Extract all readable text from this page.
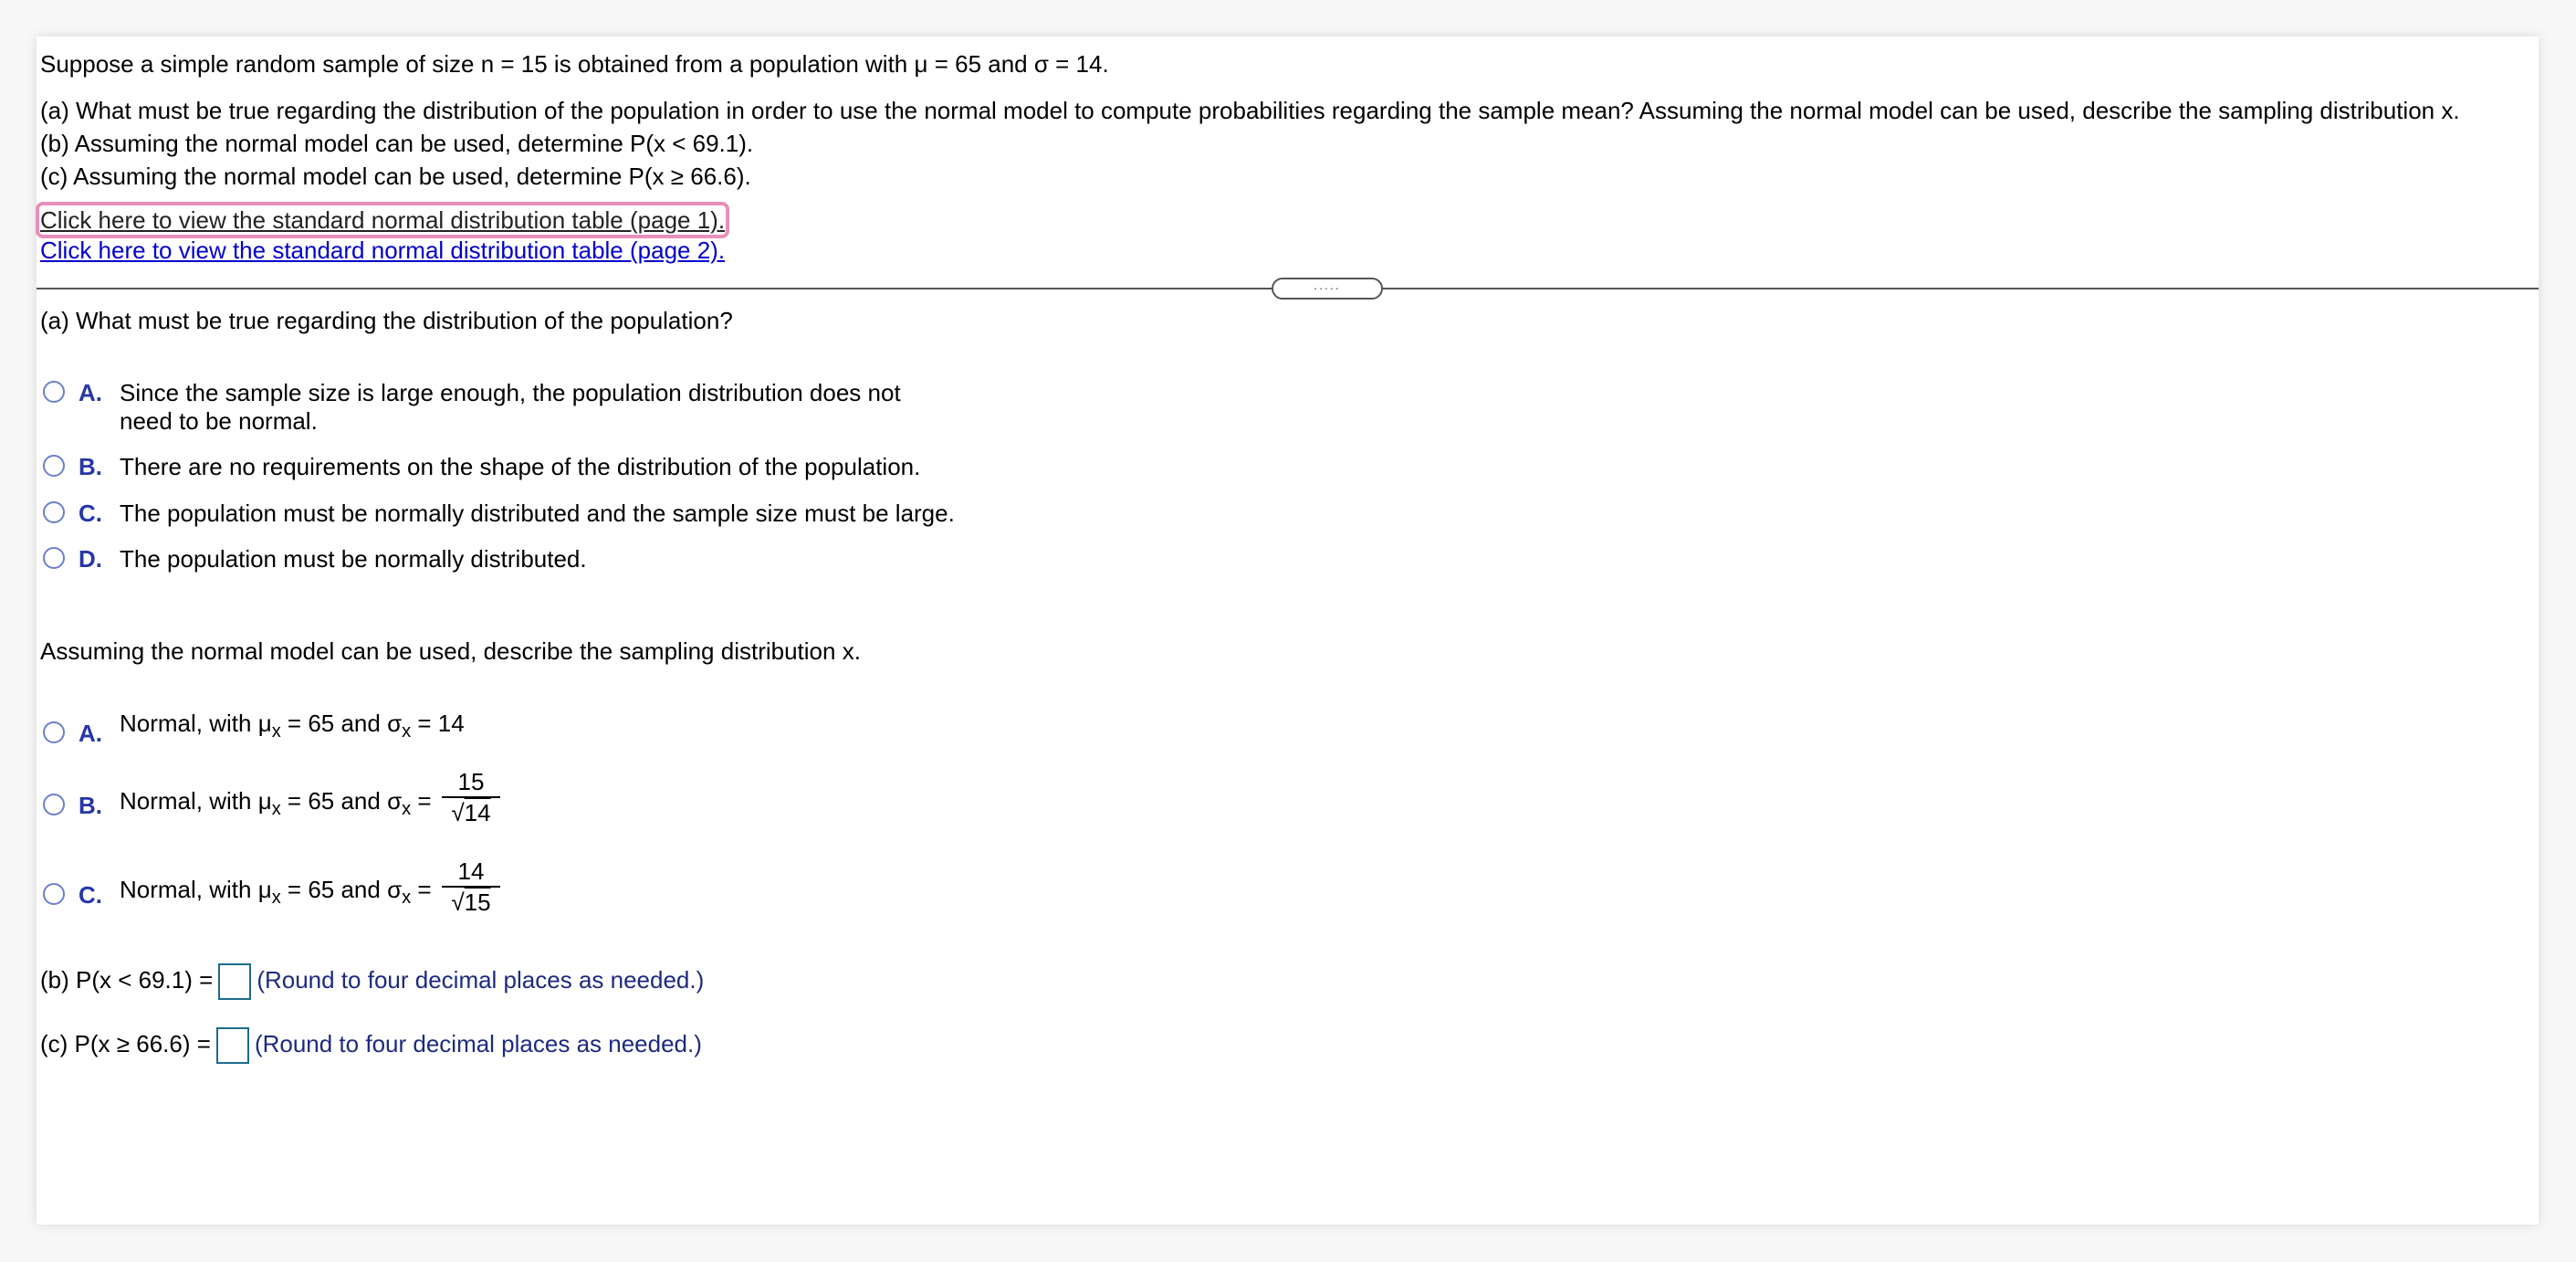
Suppose a simple random sample of size n = 15 is obtained from a population with μ = 65 and σ = 14.
(a) What must be true regarding the distribution of the population in order to use the normal model to compute probabilities regarding the sample mean? Assuming the normal model can be used, describe the sampling distribution x.
(b) Assuming the normal model can be used, determine P(x < 69.1).
(c) Assuming the normal model can be used, determine P(x ≥ 66.6).
Click here to view the standard normal distribution table (page 1).
Click here to view the standard normal distribution table (page 2).
.....
(a) What must be true regarding the distribution of the population?
A. Since the sample size is large enough, the population distribution does not
need to be normal.
B. There are no requirements on the shape of the distribution of the population.
C. The population must be normally distributed and the sample size must be large.
D. The population must be normally distributed.
Assuming the normal model can be used, describe the sampling distribution x.
A. Normal, with $\mu_x = 65$ and $\sigma_x = 14$
B. Normal, with $\mu_x = 65$ and $\sigma_x = \frac{15}{√14}$
C. Normal, with $\mu_x = 65$ and $\sigma_x = \frac{14}{√15}$
(b) P(x < 69.1) = (Round to four decimal places as needed.)
(c) P(x ≥ 66.6) = (Round to four decimal places as needed.)
